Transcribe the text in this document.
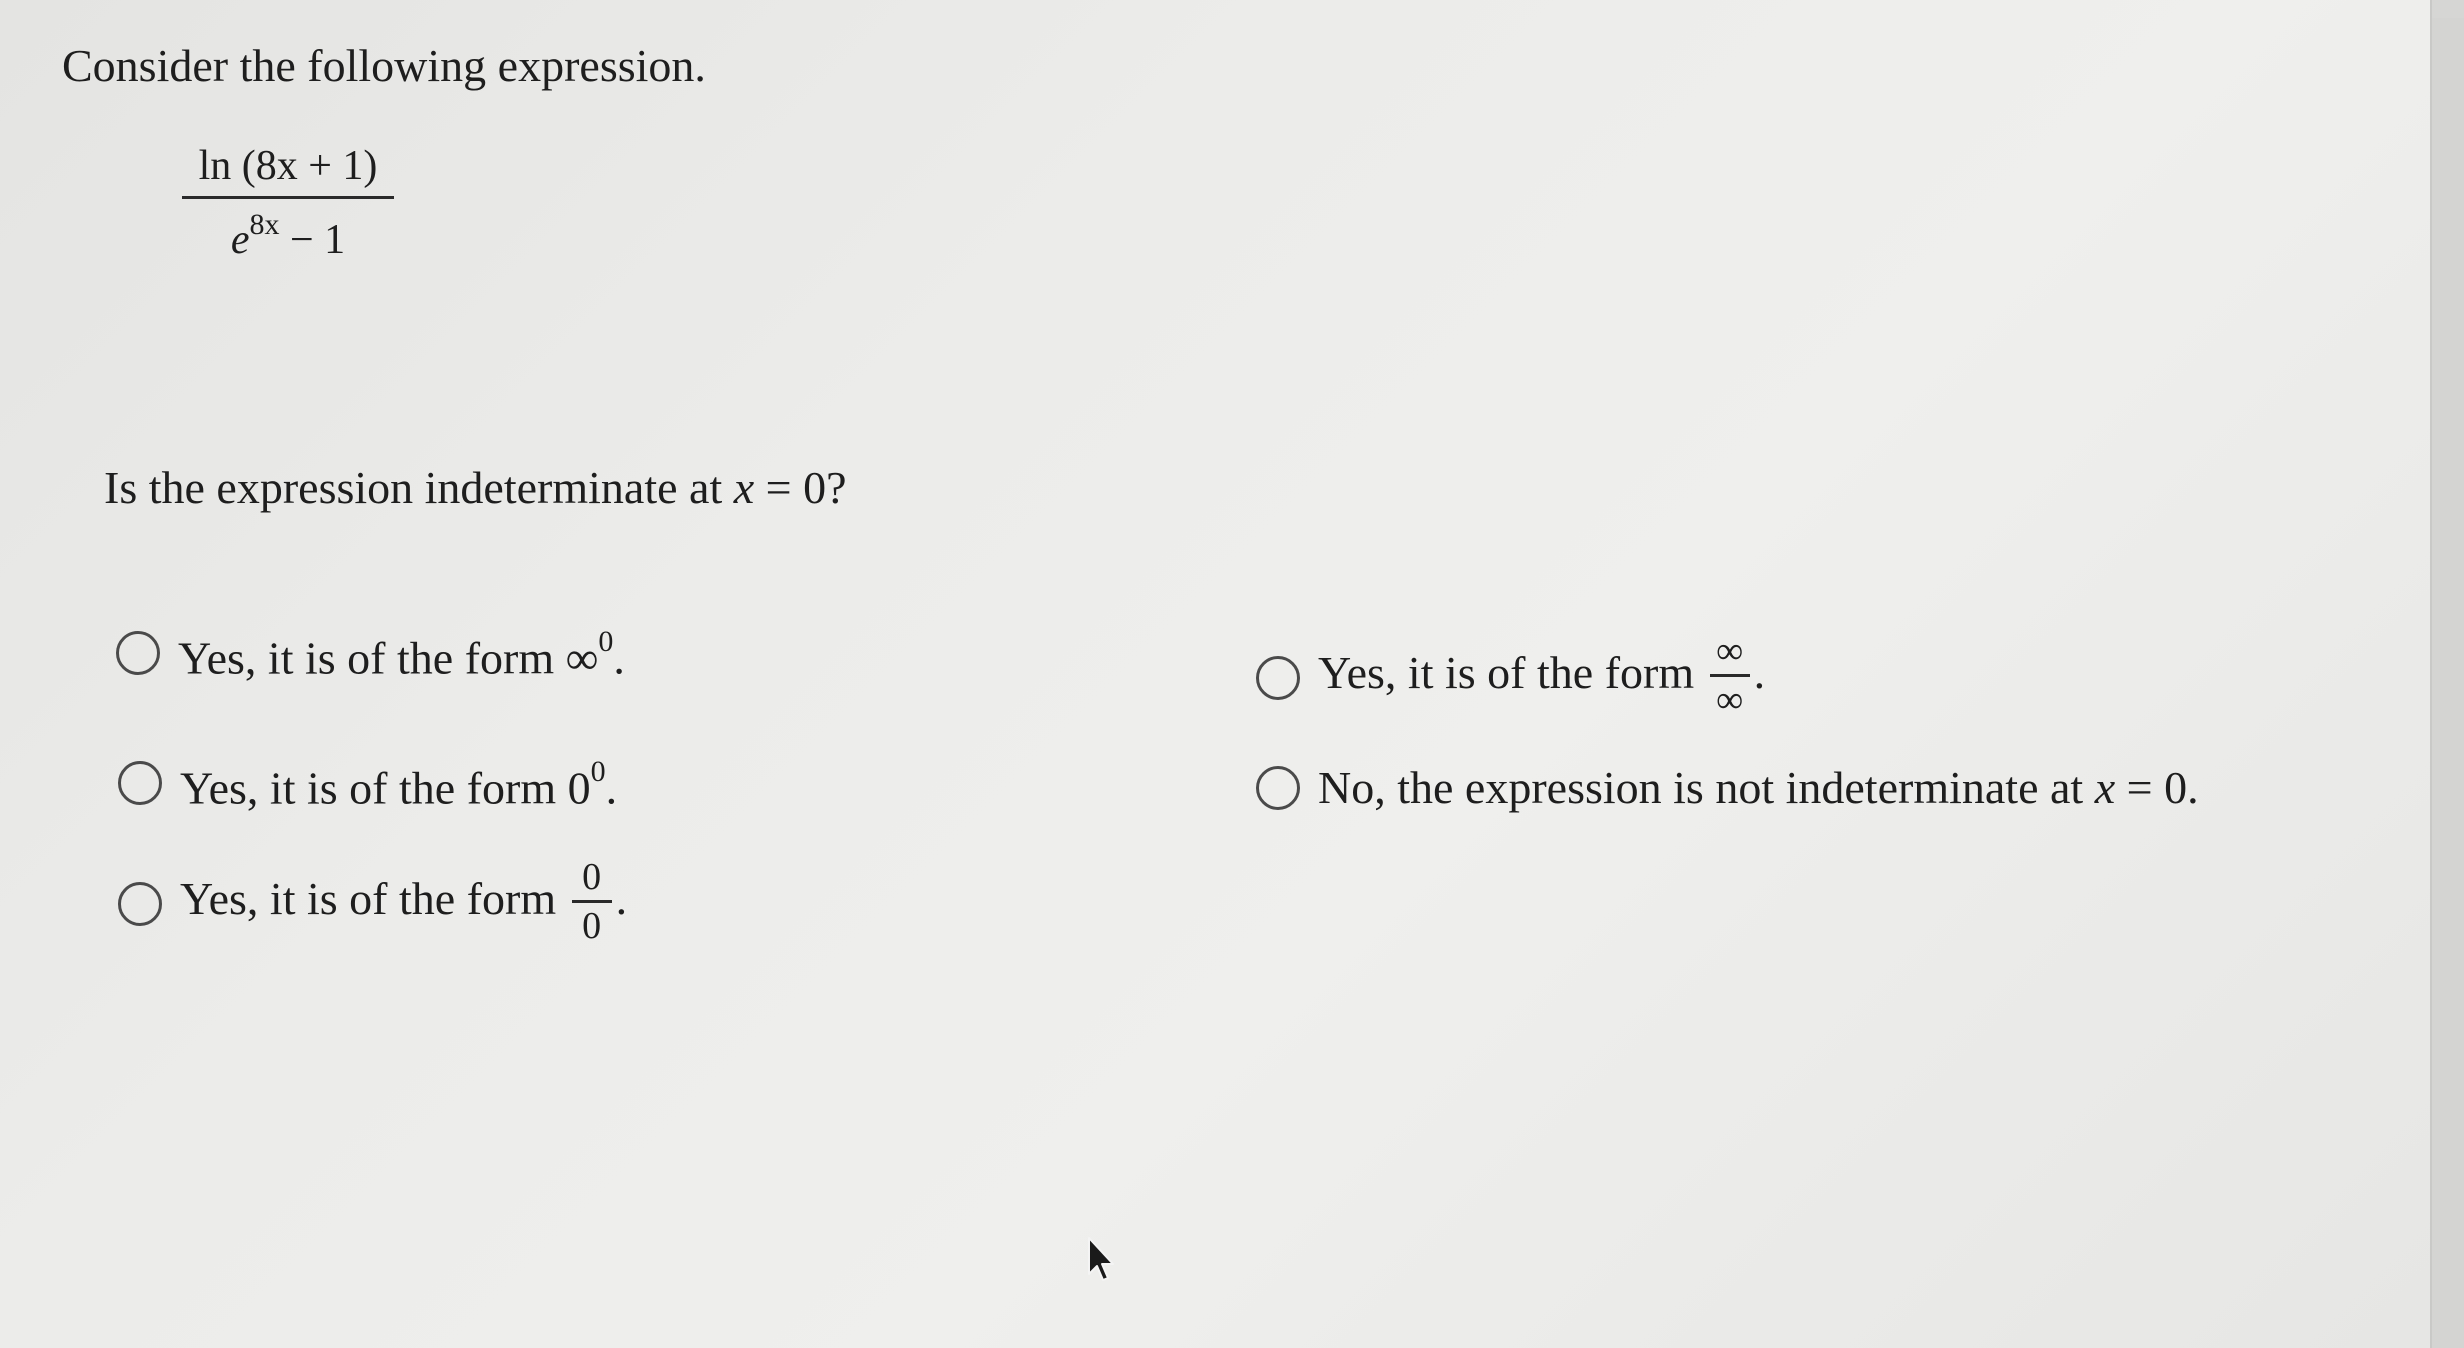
Consider the following expression.
ln (8x + 1)
$e^{8x} - 1$
Is the expression indeterminate at x = 0?
Yes, it is of the form ∞$^0$.
Yes, it is of the form $0^0$.
Yes, it is of the form $\frac{0}{0}$ .
Yes, it is of the form $\frac{\infty}{\infty}$ .
No, the expression is not indeterminate at x = 0.
